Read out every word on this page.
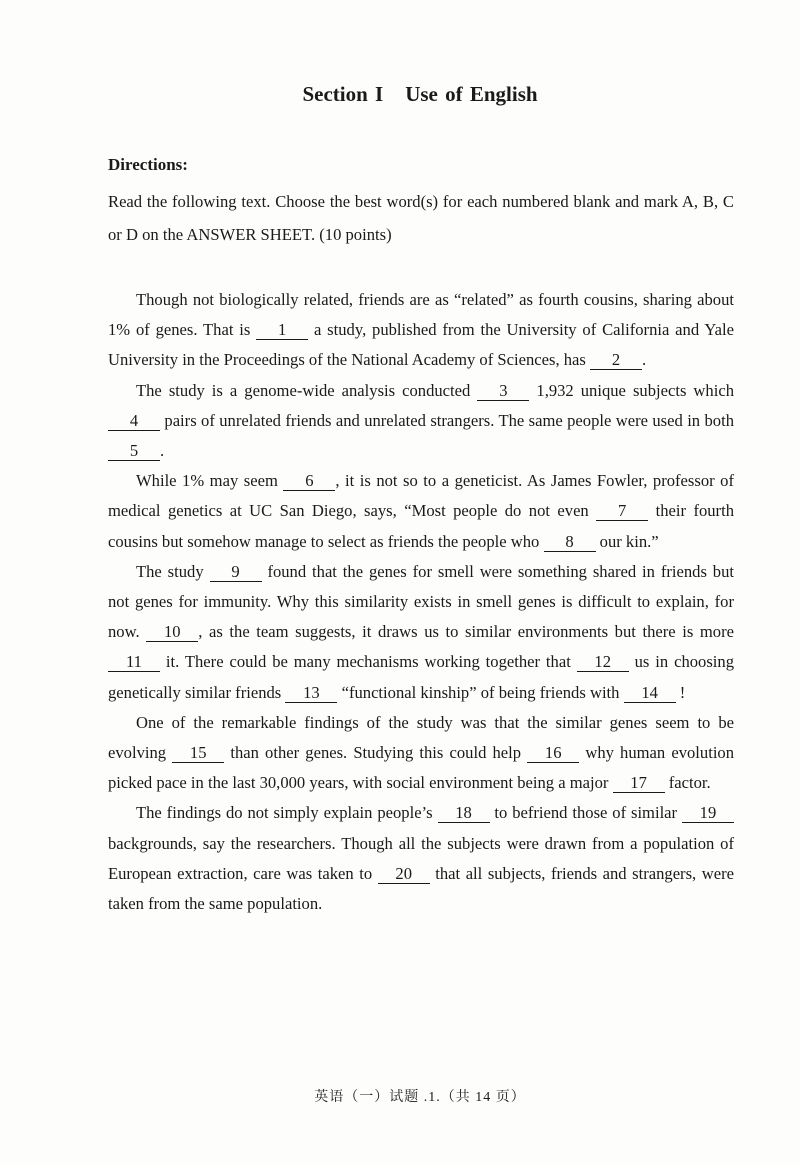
Section I Use of English
Directions:
Read the following text. Choose the best word(s) for each numbered blank and mark A, B, C or D on the ANSWER SHEET. (10 points)

Though not biologically related, friends are as “related” as fourth cousins, sharing about 1% of genes. That is 1 a study, published from the University of California and Yale University in the Proceedings of the National Academy of Sciences, has 2 .

The study is a genome-wide analysis conducted 3 1,932 unique subjects which 4 pairs of unrelated friends and unrelated strangers. The same people were used in both 5 .

While 1% may seem 6 , it is not so to a geneticist. As James Fowler, professor of medical genetics at UC San Diego, says, “Most people do not even 7 their fourth cousins but somehow manage to select as friends the people who 8 our kin.”

The study 9 found that the genes for smell were something shared in friends but not genes for immunity. Why this similarity exists in smell genes is difficult to explain, for now. 10 , as the team suggests, it draws us to similar environments but there is more 11 it. There could be many mechanisms working together that 12 us in choosing genetically similar friends 13 “functional kinship” of being friends with 14 !

One of the remarkable findings of the study was that the similar genes seem to be evolving 15 than other genes. Studying this could help 16 why human evolution picked pace in the last 30,000 years, with social environment being a major 17 factor.

The findings do not simply explain people’s 18 to befriend those of similar 19 backgrounds, say the researchers. Though all the subjects were drawn from a population of European extraction, care was taken to 20 that all subjects, friends and strangers, were taken from the same population.

英语（一）试题 .1.（共 14 页）
